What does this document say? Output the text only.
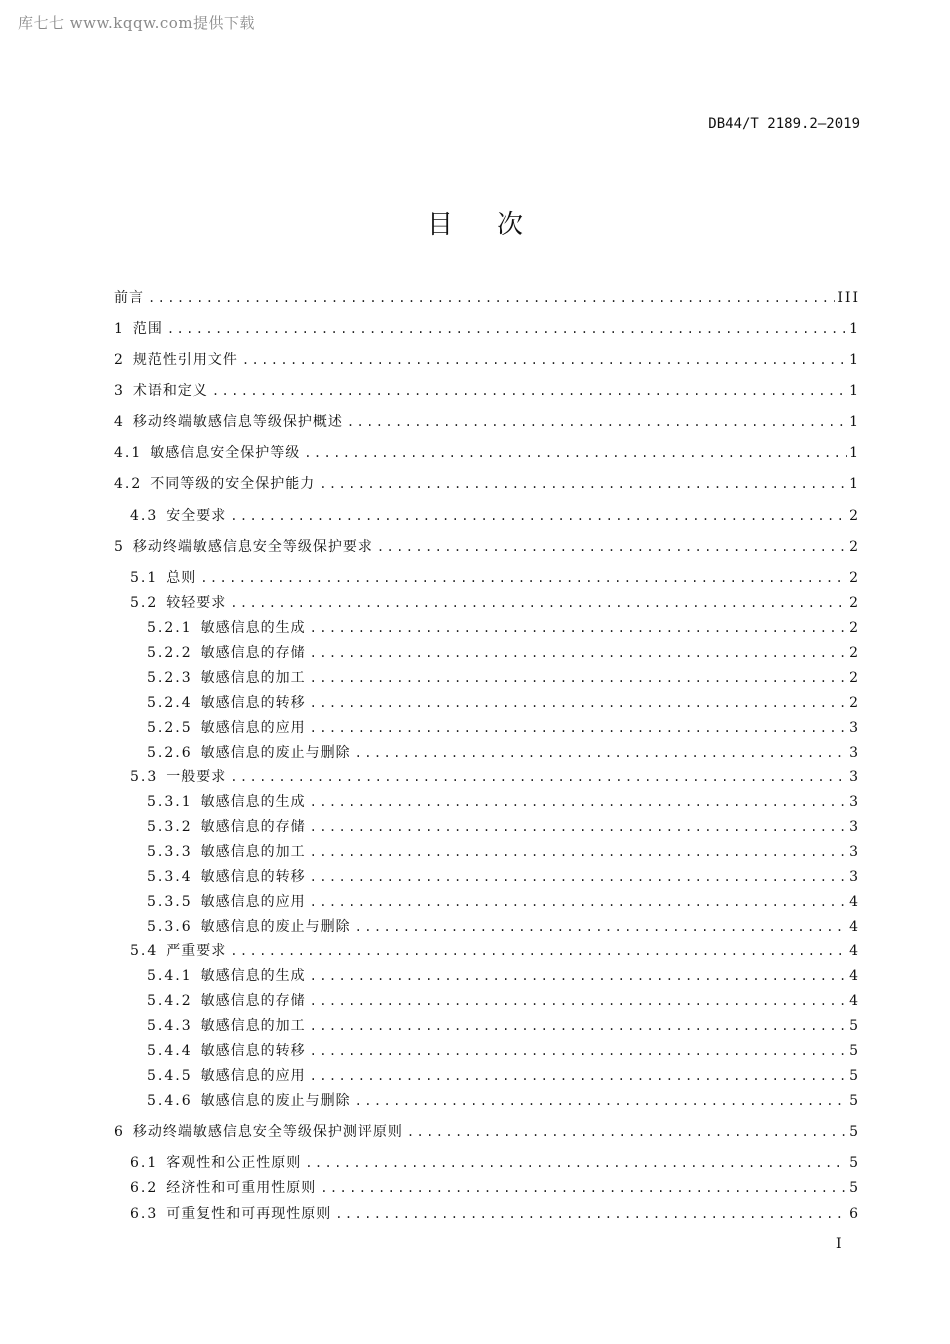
库七七 www.kqqw.com提供下载
DB44/T 2189.2—2019
目 次
前言 .....	III
1 范围 .....	1
2 规范性引用文件 .....	1
3 术语和定义 .....	1
4 移动终端敏感信息等级保护概述 .....	1
4.1 敏感信息安全保护等级 .....	1
4.2 不同等级的安全保护能力 .....	1
4.3 安全要求 .....	2
5 移动终端敏感信息安全等级保护要求 .....	2
5.1 总则 .....	2
5.2 较轻要求 .....	2
5.2.1 敏感信息的生成 .....	2
5.2.2 敏感信息的存储 .....	2
5.2.3 敏感信息的加工 .....	2
5.2.4 敏感信息的转移 .....	2
5.2.5 敏感信息的应用 .....	3
5.2.6 敏感信息的废止与删除 .....	3
5.3 一般要求 .....	3
5.3.1 敏感信息的生成 .....	3
5.3.2 敏感信息的存储 .....	3
5.3.3 敏感信息的加工 .....	3
5.3.4 敏感信息的转移 .....	3
5.3.5 敏感信息的应用 .....	4
5.3.6 敏感信息的废止与删除 .....	4
5.4 严重要求 .....	4
5.4.1 敏感信息的生成 .....	4
5.4.2 敏感信息的存储 .....	4
5.4.3 敏感信息的加工 .....	5
5.4.4 敏感信息的转移 .....	5
5.4.5 敏感信息的应用 .....	5
5.4.6 敏感信息的废止与删除 .....	5
6 移动终端敏感信息安全等级保护测评原则 .....	5
6.1 客观性和公正性原则 .....	5
6.2 经济性和可重用性原则 .....	5
6.3 可重复性和可再现性原则 .....	6
I
